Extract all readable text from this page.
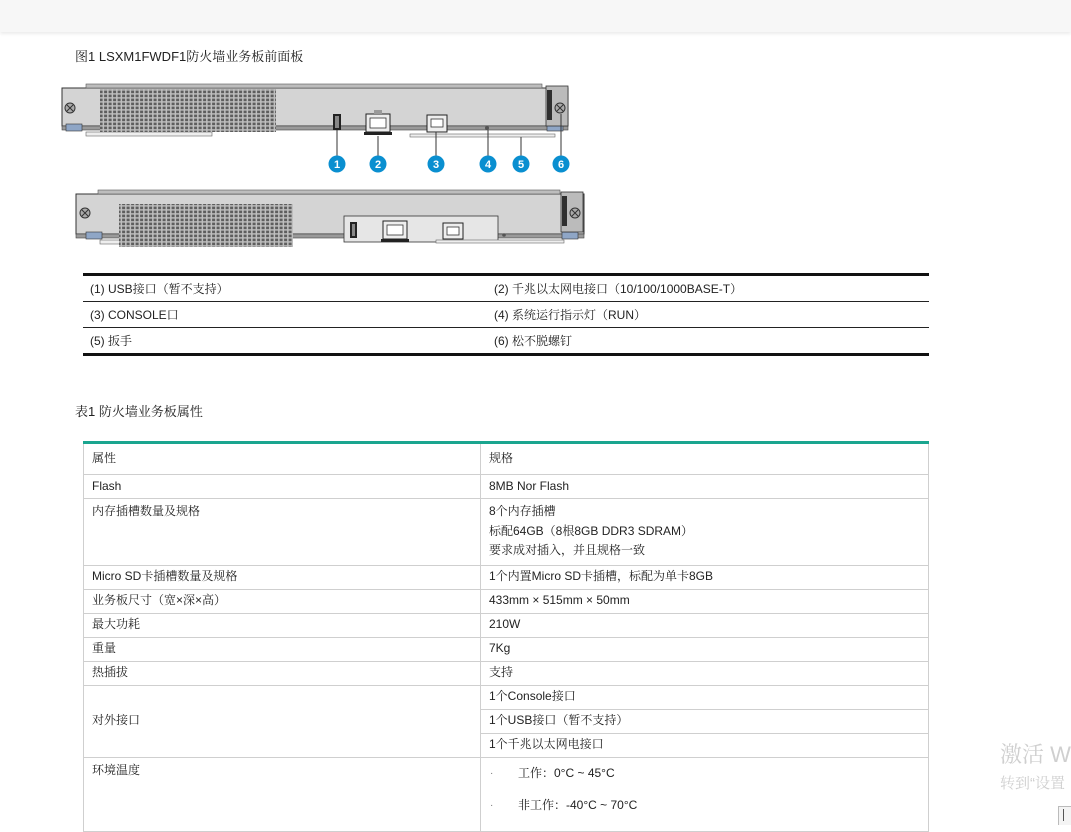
图1 LSXM1FWDF1防火墙业务板前面板
1	2	3	4 5	6
(1) USB接口（暂不支持）	(2) 千兆以太网电接口（10/100/1000BASE-T）
(3) CONSOLE口	(4) 系统运行指示灯（RUN）
(5) 扳手	(6) 松不脱螺钉
表1 防火墙业务板属性
属性	规格
Flash	8MB Nor Flash
内存插槽数量及规格	8个内存插槽
标配64GB（8根8GB DDR3 SDRAM）
要求成对插入，并且规格一致

Micro SD卡插槽数量及规格	1个内置Micro SD卡插槽，标配为单卡8GB
业务板尺寸（宽×深×高）	433mm × 515mm × 50mm
最大功耗	210W
重量	7Kg
热插拔	支持
对外接口	1个Console接口
	1个USB接口（暂不支持）
	1个千兆以太网电接口
环境温度	· 工作：0°C ~ 45°C
· 非工作：-40°C ~ 70°C
激活 W
转到“设置
